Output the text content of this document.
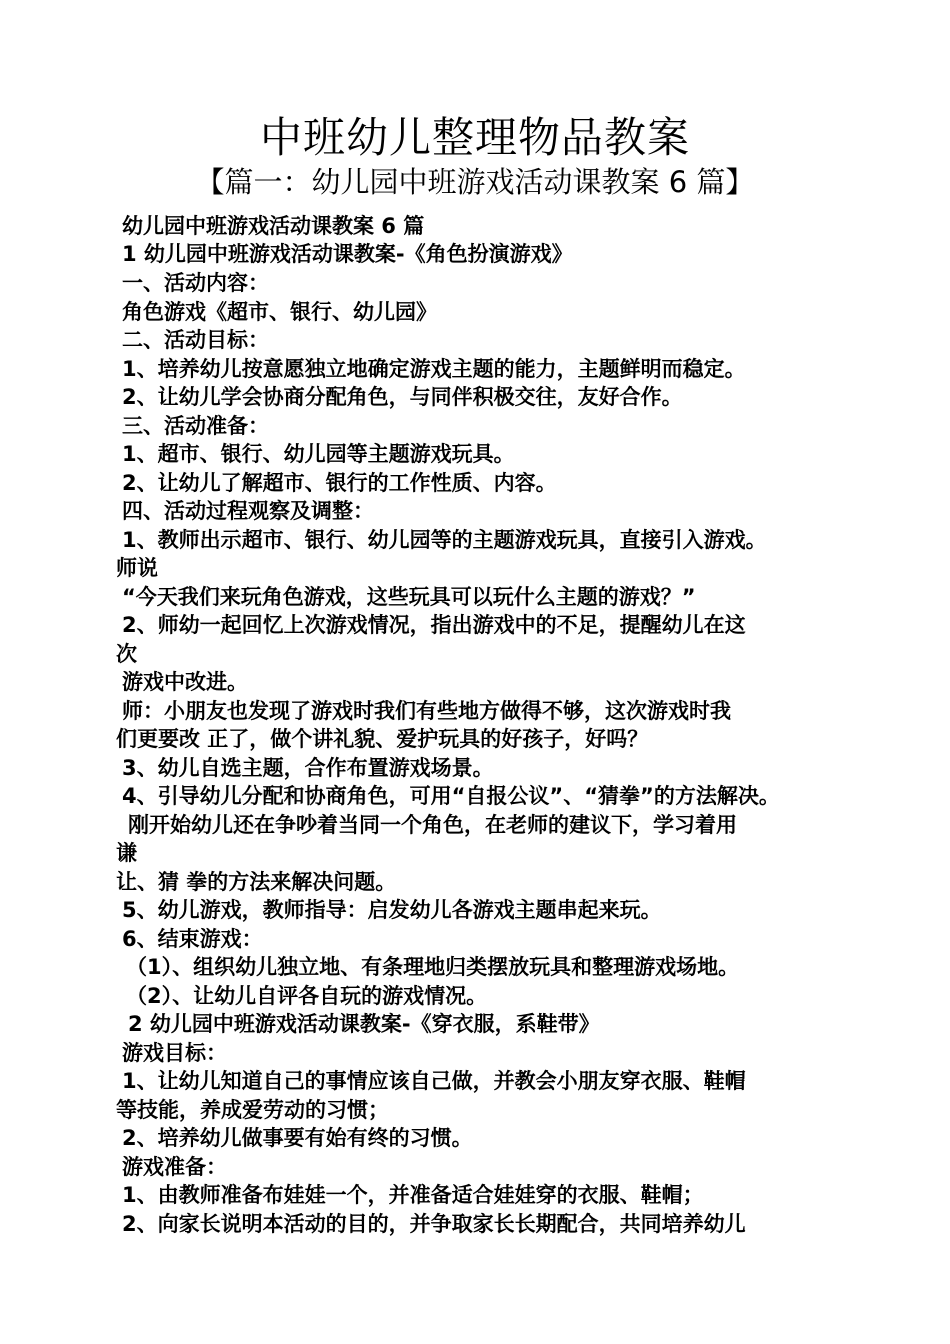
中班幼儿整理物品教案
【篇一：幼儿园中班游戏活动课教案 6 篇】
幼儿园中班游戏活动课教案 6 篇
1 幼儿园中班游戏活动课教案-《角色扮演游戏》
一、活动内容：
角色游戏《超市、银行、幼儿园》
二、活动目标：
1、培养幼儿按意愿独立地确定游戏主题的能力，主题鲜明而稳定。
2、让幼儿学会协商分配角色，与同伴积极交往，友好合作。
三、活动准备：
1、超市、银行、幼儿园等主题游戏玩具。
2、让幼儿了解超市、银行的工作性质、内容。
四、活动过程观察及调整：
1、教师出示超市、银行、幼儿园等的主题游戏玩具，直接引入游戏。
师说
“今天我们来玩角色游戏，这些玩具可以玩什么主题的游戏？”
2、师幼一起回忆上次游戏情况，指出游戏中的不足，提醒幼儿在这
次
游戏中改进。
师：小朋友也发现了游戏时我们有些地方做得不够，这次游戏时我
们更要改 正了，做个讲礼貌、爱护玩具的好孩子，好吗？
3、幼儿自选主题，合作布置游戏场景。
4、引导幼儿分配和协商角色，可用“自报公议”、“猜拳”的方法解决。
刚开始幼儿还在争吵着当同一个角色，在老师的建议下，学习着用
谦
让、猜 拳的方法来解决问题。
5、幼儿游戏，教师指导：启发幼儿各游戏主题串起来玩。
6、结束游戏：
（1）、组织幼儿独立地、有条理地归类摆放玩具和整理游戏场地。
（2）、让幼儿自评各自玩的游戏情况。
2 幼儿园中班游戏活动课教案-《穿衣服，系鞋带》
游戏目标：
1、让幼儿知道自己的事情应该自己做，并教会小朋友穿衣服、鞋帽
等技能，养成爱劳动的习惯；
2、培养幼儿做事要有始有终的习惯。
游戏准备：
1、由教师准备布娃娃一个，并准备适合娃娃穿的衣服、鞋帽；
2、向家长说明本活动的目的，并争取家长长期配合，共同培养幼儿
